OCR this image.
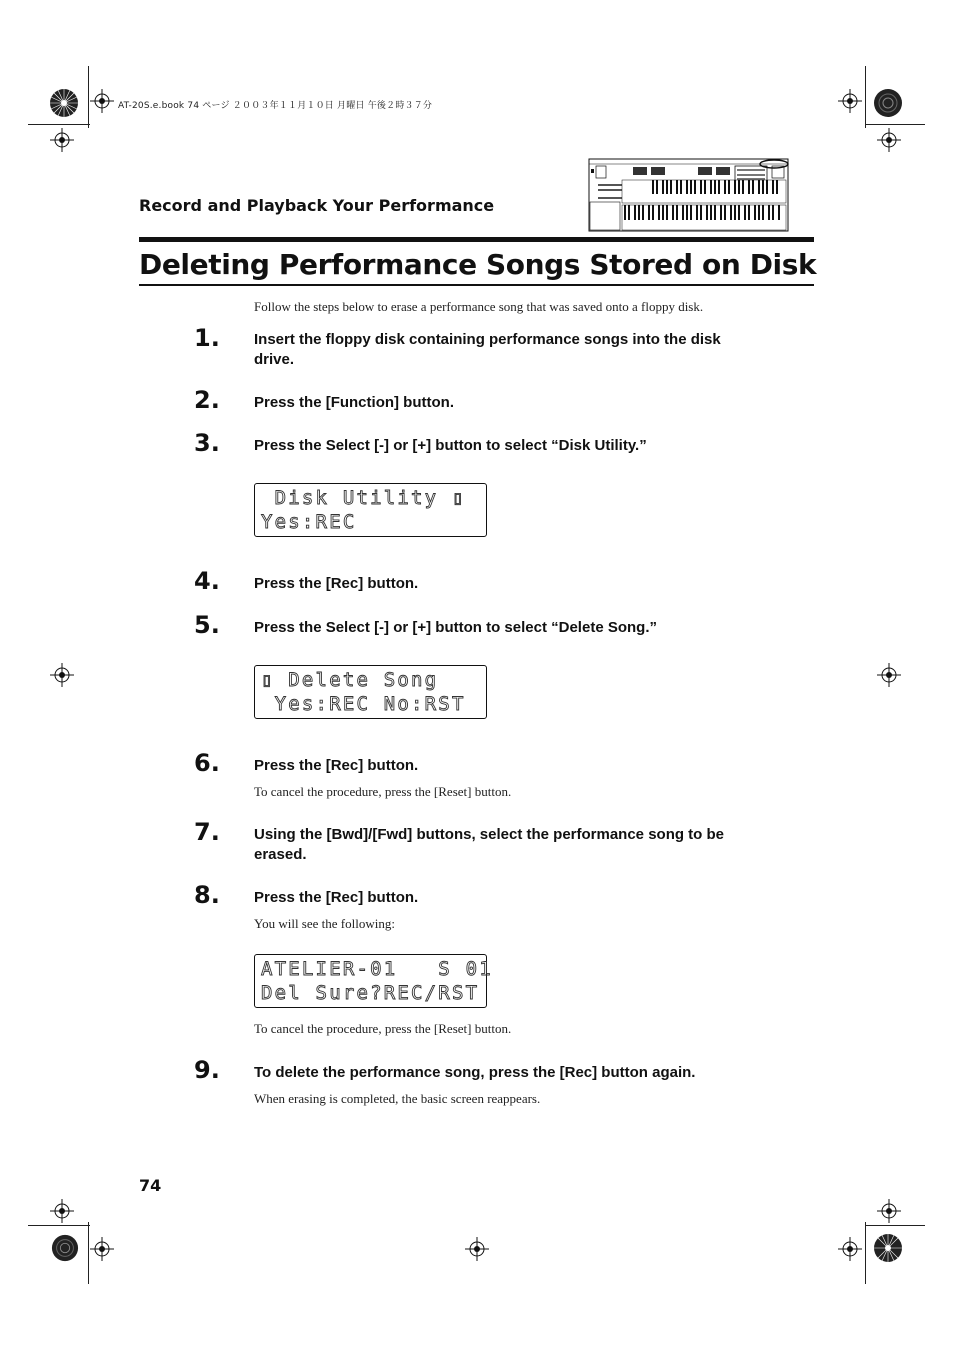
AT-20S.e.book 74 ページ ２００３年１１月１０日 月曜日 午後２時３７分
Record and Playback Your Performance
Deleting Performance Songs Stored on Disk
Follow the steps below to erase a performance song that was saved onto a floppy disk.
1. Insert the floppy disk containing performance songs into the disk drive.
2. Press the [Function] button.
3. Press the Select [-] or [+] button to select “Disk Utility.”
Disk Utility ▯
Yes:REC
4. Press the [Rec] button.
5. Press the Select [-] or [+] button to select “Delete Song.”
▯ Delete Song
Yes:REC No:RST
6. Press the [Rec] button.
To cancel the procedure, press the [Reset] button.
7. Using the [Bwd]/[Fwd] buttons, select the performance song to be erased.
8. Press the [Rec] button.
You will see the following:
ATELIER-01   S 01
Del Sure?REC/RST
To cancel the procedure, press the [Reset] button.
9. To delete the performance song, press the [Rec] button again.
When erasing is completed, the basic screen reappears.
74
